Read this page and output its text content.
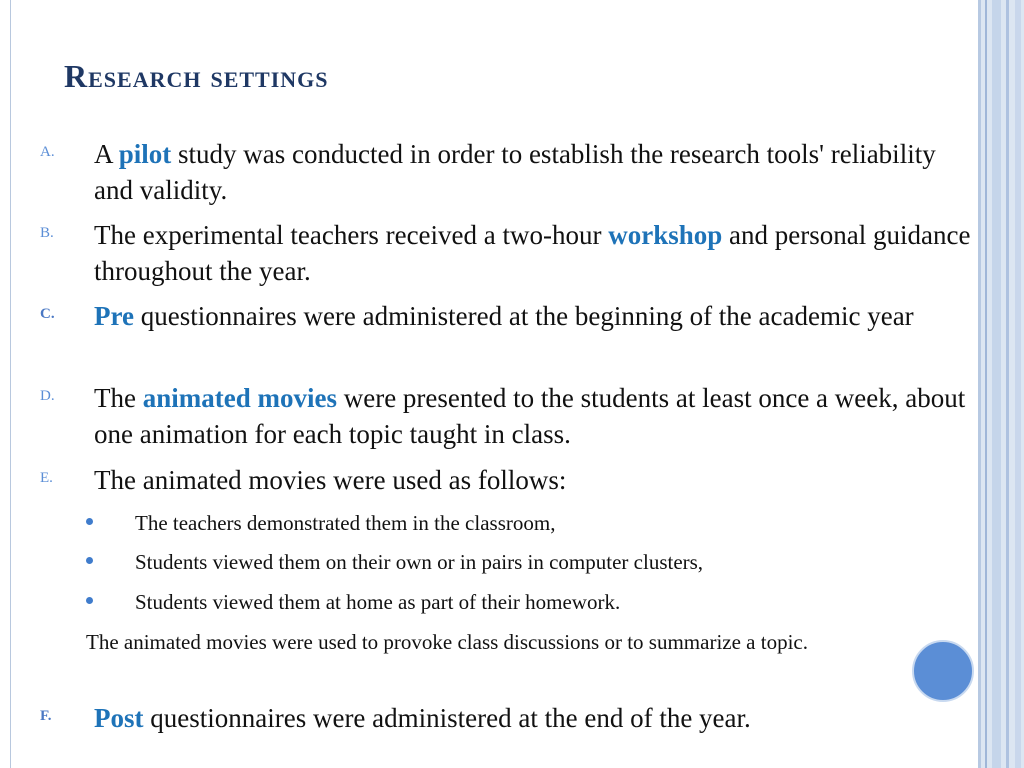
Research settings
A. A pilot study was conducted in order to establish the research tools' reliability and validity.
B. The experimental teachers received a two-hour workshop and personal guidance throughout the year.
C. Pre questionnaires were administered at the beginning of the academic year
D. The animated movies were presented to the students at least once a week, about one animation for each topic taught in class.
E. The animated movies were used as follows:
The teachers demonstrated them in the classroom,
Students viewed them on their own or in pairs in computer clusters,
Students viewed them at home as part of their homework.
The animated movies were used to provoke class discussions or to summarize a topic.
F. Post questionnaires were administered at the end of the year.
